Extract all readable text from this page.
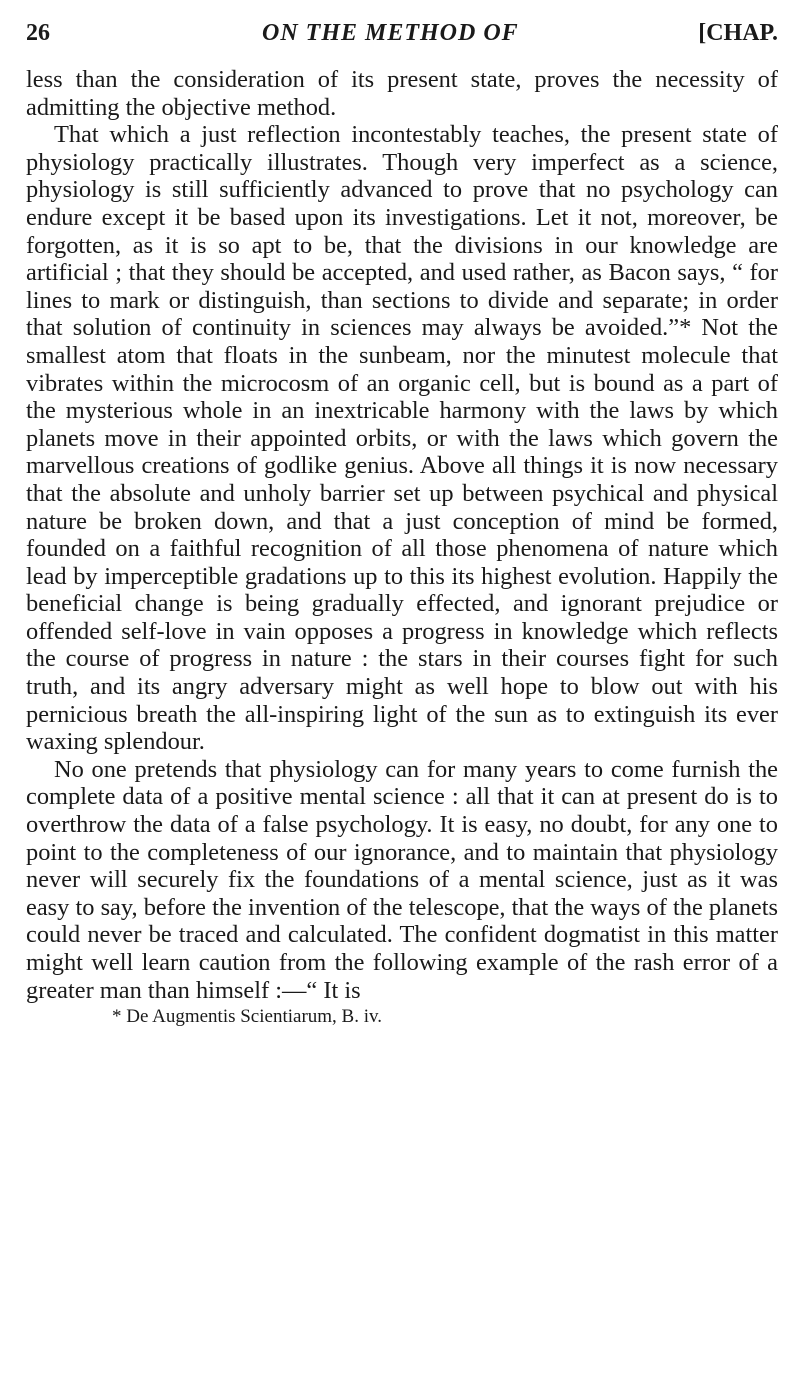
26	ON THE METHOD OF	[CHAP.

less than the consideration of its present state, proves the necessity of admitting the objective method.

That which a just reflection incontestably teaches, the present state of physiology practically illustrates. Though very imperfect as a science, physiology is still sufficiently advanced to prove that no psychology can endure except it be based upon its investigations. Let it not, moreover, be forgotten, as it is so apt to be, that the divisions in our knowledge are artificial ; that they should be accepted, and used rather, as Bacon says, “ for lines to mark or distinguish, than sections to divide and separate; in order that solution of continuity in sciences may always be avoided.”* Not the smallest atom that floats in the sunbeam, nor the minutest molecule that vibrates within the microcosm of an organic cell, but is bound as a part of the mysterious whole in an inextricable harmony with the laws by which planets move in their appointed orbits, or with the laws which govern the marvellous creations of godlike genius. Above all things it is now necessary that the absolute and unholy barrier set up between psychical and physical nature be broken down, and that a just conception of mind be formed, founded on a faithful recognition of all those phenomena of nature which lead by imperceptible gradations up to this its highest evolution. Happily the beneficial change is being gradually effected, and ignorant prejudice or offended self-love in vain opposes a progress in knowledge which reflects the course of progress in nature : the stars in their courses fight for such truth, and its angry adversary might as well hope to blow out with his pernicious breath the all-inspiring light of the sun as to extinguish its ever waxing splendour.

No one pretends that physiology can for many years to come furnish the complete data of a positive mental science : all that it can at present do is to overthrow the data of a false psychology. It is easy, no doubt, for any one to point to the completeness of our ignorance, and to maintain that physiology never will securely fix the foundations of a mental science, just as it was easy to say, before the invention of the telescope, that the ways of the planets could never be traced and calculated. The confident dogmatist in this matter might well learn caution from the following example of the rash error of a greater man than himself :—“ It is

* De Augmentis Scientiarum, B. iv.
